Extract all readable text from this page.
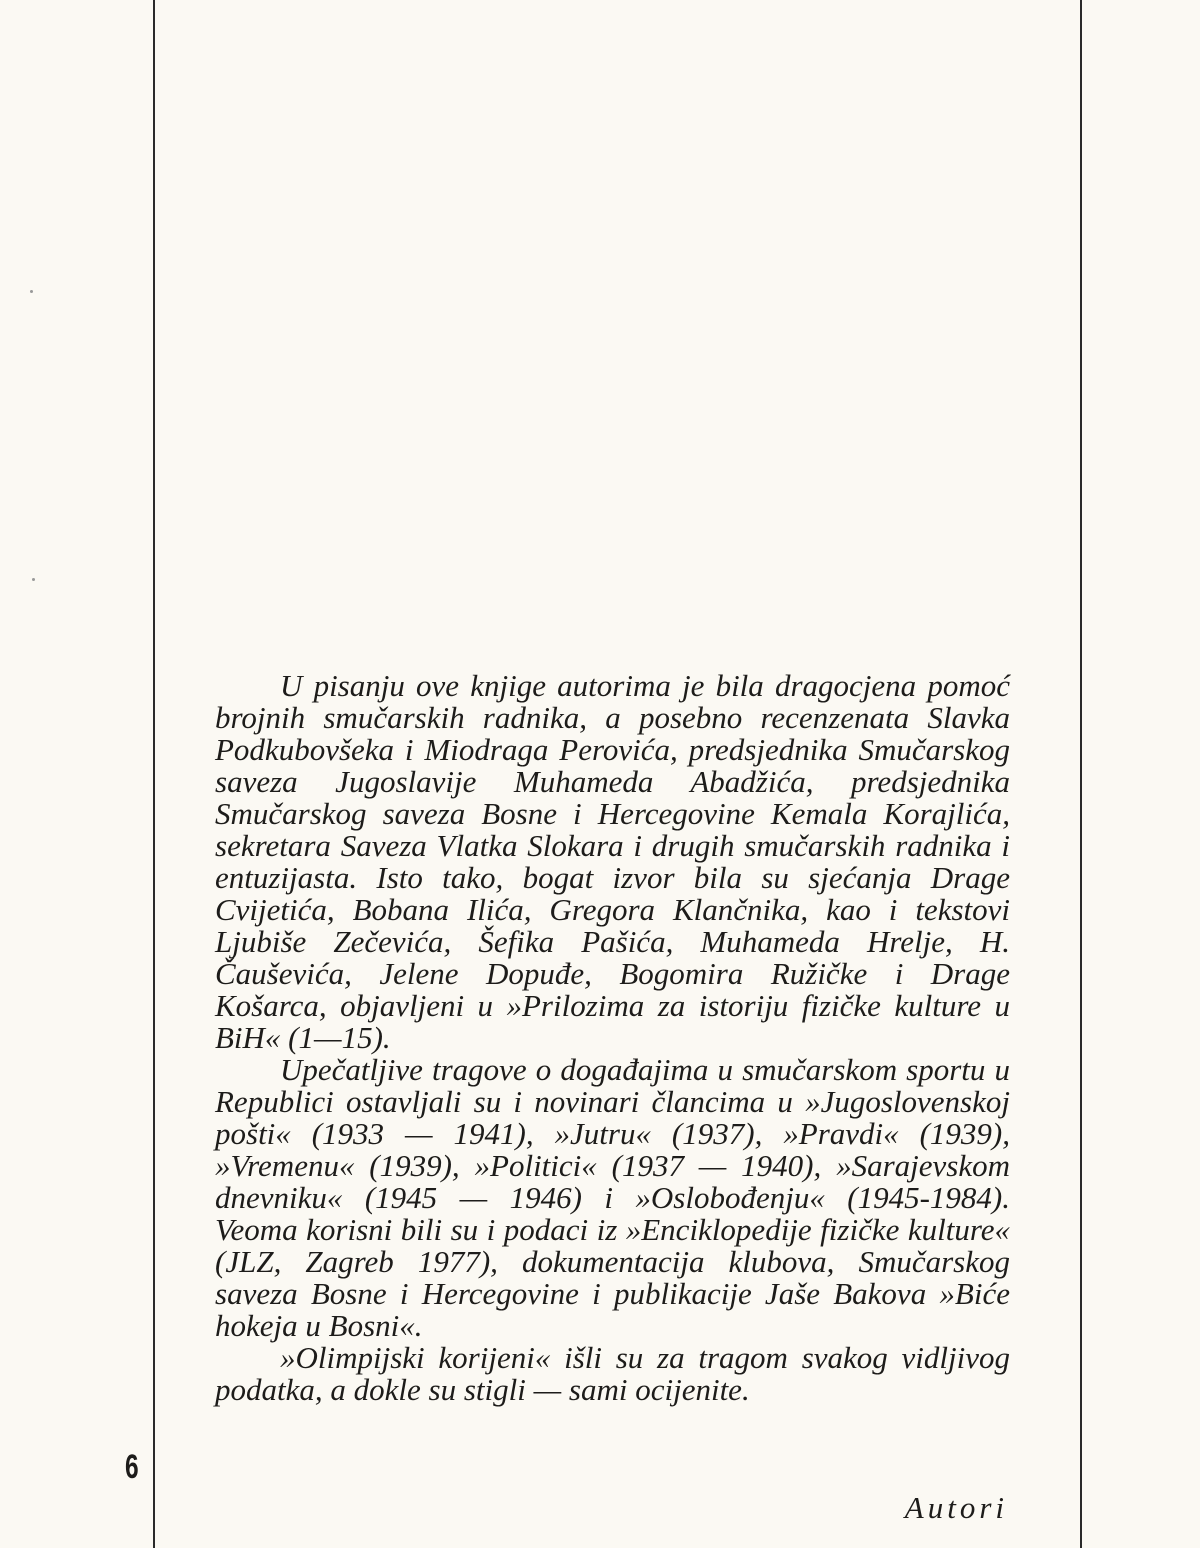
U pisanju ove knjige autorima je bila dragocjena pomoć brojnih smučarskih radnika, a posebno recenzenata Slavka Podkubovšeka i Miodraga Perovića, predsjednika Smučarskog saveza Jugoslavije Muhameda Abadžića, predsjednika Smučarskog saveza Bosne i Hercegovine Kemala Korajlića, sekretara Saveza Vlatka Slokara i drugih smučarskih radnika i entuzijasta. Isto tako, bogat izvor bila su sjećanja Drage Cvijetića, Bobana Ilića, Gregora Klančnika, kao i tekstovi Ljubiše Zečevića, Šefika Pašića, Muhameda Hrelje, H. Čauševića, Jelene Dopuđe, Bogomira Ružičke i Drage Košarca, objavljeni u »Prilozima za istoriju fizičke kulture u BiH« (1—15).

Upečatljive tragove o događajima u smučarskom sportu u Republici ostavljali su i novinari člancima u »Jugoslovenskoj pošti« (1933 — 1941), »Jutru« (1937), »Pravdi« (1939), »Vremenu« (1939), »Politici« (1937 — 1940), »Sarajevskom dnevniku« (1945 — 1946) i »Oslobođenju« (1945-1984). Veoma korisni bili su i podaci iz »Enciklopedije fizičke kulture« (JLZ, Zagreb 1977), dokumentacija klubova, Smučarskog saveza Bosne i Hercegovine i publikacije Jaše Bakova »Biće hokeja u Bosni«.

»Olimpijski korijeni« išli su za tragom svakog vidljivog podatka, a dokle su stigli — sami ocijenite.

6
Autori
